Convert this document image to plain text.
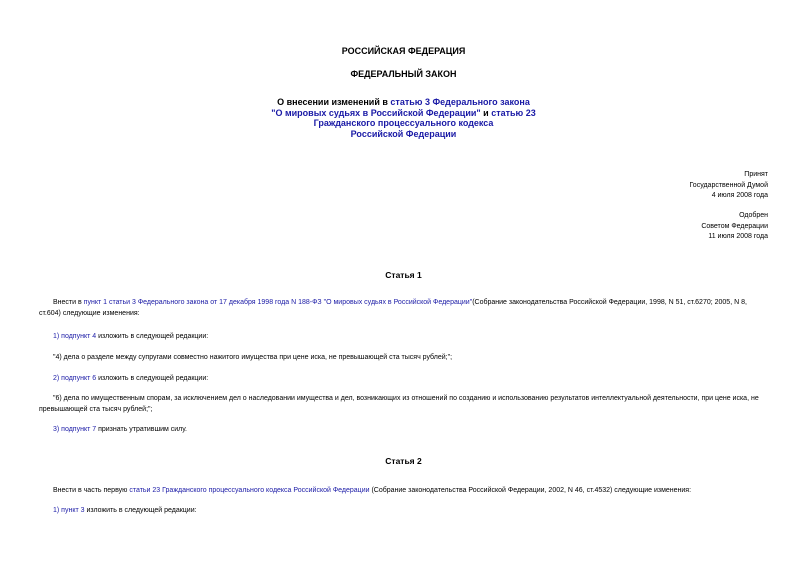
РОССИЙСКАЯ ФЕДЕРАЦИЯ
ФЕДЕРАЛЬНЫЙ ЗАКОН
О внесении изменений в статью 3 Федерального закона
"О мировых судьях в Российской Федерации" и статью 23
Гражданского процессуального кодекса
Российской Федерации
Принят
Государственной Думой
4 июля 2008 года
Одобрен
Советом Федерации
11 июля 2008 года
Статья 1
Внести в пункт 1 статьи 3 Федерального закона от 17 декабря 1998 года N 188-ФЗ "О мировых судьях в Российской Федерации"(Собрание законодательства Российской Федерации, 1998, N 51, ст.6270; 2005, N 8, ст.604) следующие изменения:
1) подпункт 4 изложить в следующей редакции:
"4) дела о разделе между супругами совместно нажитого имущества при цене иска, не превышающей ста тысяч рублей;";
2) подпункт 6 изложить в следующей редакции:
"6) дела по имущественным спорам, за исключением дел о наследовании имущества и дел, возникающих из отношений по созданию и использованию результатов интеллектуальной деятельности, при цене иска, не превышающей ста тысяч рублей;";
3) подпункт 7 признать утратившим силу.
Статья 2
Внести в часть первую статьи 23 Гражданского процессуального кодекса Российской Федерации (Собрание законодательства Российской Федерации, 2002, N 46, ст.4532) следующие изменения:
1) пункт 3 изложить в следующей редакции:
